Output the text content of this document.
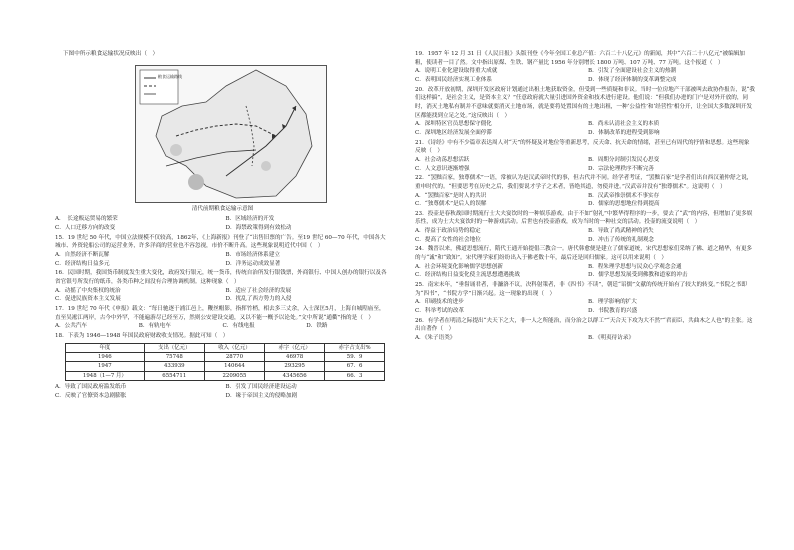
下图中所示粮食运输状况反映出（　）
粮食运输路线
清代前期粮食运输示意图
A．　长途贩运贸易的繁荣	B．区域经济的开发
C．人口迁移方向的改变	D．海禁政策得到有效松动
15．19 世纪 50 年代，中国立法规模不仅较高，1862年，《上海新报》刊登了“出售旧票的广告。至19 世纪 60—70 年代，中国各大城市、外资轮船公司的运营业务，许多洋商的营业也不容忽视，市价不断升高。这些现象说明近代中国（　）
A．自然经济不断瓦解	B．市场经济体系建立
C．经济结构日益多元	D．洋务运动成效显著
16．民国时期，我国货币制度发生重大变化，政府发行银元，统一货币，传统自治所发行银钱票，外商银行、中国人创办的银行以及各省官银号所发行的纸币，各类币种之间没有合理协调机制。这种现象（　）
A．动摇了中央集权的统治	B．适应了社会经济的发展
C．促进民族资本主义发展	D．扰乱了西方势力的入侵
17．19 世纪 70 年代《申报》载文：“每日驰逐于浦江邑上，鞭丝帽影，指挥竹梢，相去多三丈余，入士深匡5月，上海自城隍庙至，直至吴凇江两岸，古今中外罕，不能遍游尽已经至万，然则公安建设交通，又以不能一概予以论处。”文中所说“通衢”指的是（　）
A．公共汽车	B．有轨电车	C．有线电报	D．铁路
18．下表为 1946—1948 年国民政府财政收支情况。据此可知（　）
年度	支出（亿元）	收入（亿元）	赤字（亿元）	赤字占支出%
1946	75748	28770	46978	59．9
1947	433939	140644	293295	67．6
1948（1—7 月）	6554711	2209055	4345656	66．3
A．导致了国民政府滥发纸币	B．引发了国民经济建设运动
C．反映了官僚资本急剧膨胀	D．缘于帝国主义的侵略加剧
19．1957 年 12 月 31 日《人民日报》头版刊登《今年全国工业总产值：六百二十八亿元》的新闻，其中“六百二十八亿元”被编辑加粗，使读者一目了然。文中指出原煤、生铁、钢产量比 1956 年分别增长 1800 万吨、107 万吨、77 万吨。这个报道（　）
A．说明工业化建设取得重大成就	B．引发了全面建设社会主义的热潮
C．表明国民经济实现工业体系	D．体现了经济体制的变革调整完成
20．改革开放初期，深圳开发区政府计划通过出租土地获取资金，但受到一些质疑和非议。当时一位房地产干部被叫去政协作报告，说“我们这样搞”，是社会主义，是资本主义？”任意政府就大量引进国外资金和技术进行建设。他们说：“但我们办进的门户是对外开放的，同时，消灭土地私有制并不意味就要消灭土地市场，就是要将处置国有的土地出租，一种‘公益性’和‘经营性’相分开，让全国大多数深圳开发区都能找到立足之处。”这反映出（　）
A．深圳特区官员思想保守僵化	B．尚未认清社会主义的本质
C．深圳地区经济发展全面停滞	D．体制改革的进程受到影响
21．《诗经》中有不少篇章表达周人对“天”的怀疑及对地位等重新思考，反天命、抗天命的情绪，甚至已有周代的抒情和思想。这些现象反映（　）
A．社会动荡思想活跃	B．周期分封制引发民心思变
C．人文意识逐渐增强	D．宗法伦理秩序不断完善
22．“罢黜百家，独尊儒术”一语，常被认为是汉武帝时代的事，但古代并不同。经学者考证，“罢黜百家”是学者们出自西汉董仲舒之说，重申时代的。“但要思考在历史之后，我们要说才学子之术者，皆绝其道，勿使并进。”汉武帝并没有“独尊儒术”。这说明（　）
A．“罢黜百家”是时人的共识	B．汉武帝推崇儒术不事实存
C．“独尊儒术”是后人的误解	D．儒家的思想地位得到提高
23．投壶是春秋战国时期流行士大夫宴饮时的一种娱乐游戏。由于不如“射礼”中繁华得程序的一步，要去了“武”的内容，但增加了更多娱乐性，成为士大夫宴饮时的一种游戏活动。后世也有投壶游戏，成为当时的一种社交的活动。投壶的流变说明（　）
A．得益于政治局势的稳定	B．导致了尚武精神的消失
C．提高了女性的社会地位	D．冲击了传统的礼制观念
24．魏晋以来，佛道思想流行，隋代王通开始提倡三教合一。唐代韩愈便是建立了儒家道统，宋代思想家们采纳了佛、道之精华，有更多的与“诚”和“致知”。宋代理学家们纷纷出入于佛老数十年，最后还是回归儒家。这可以用来说明（　）
A．社会环境变化影响儒学思想创新	B．程朱理学思想与民众心学观念会通
C．经济结构日益变化使主流思想遭遇挑战	D．儒学思想发展受到佛教和道家的冲击
25．南宋末年，“垂髫诵君者，非濂洛不议，决科射策者，非《四书》不读”，朝廷“诏儒”文献的传统开始有了较大的转变。”书院之书即为“四书”，“书院方学”日渐兴起。这一现象的出现（　）
A．印刷技术的进步	B．理学影响的扩大
C．科举考试的改革	D．书院教育的兴盛
26．有学者在明清之际提出“夫天下之大，非一人之所能治，而分治之以群工”“天合天下攻为大不然”“君而臣，共曲木之人也”的主张。这出自著作（　）
A．《朱子语类》	B．《明夷待访录》
